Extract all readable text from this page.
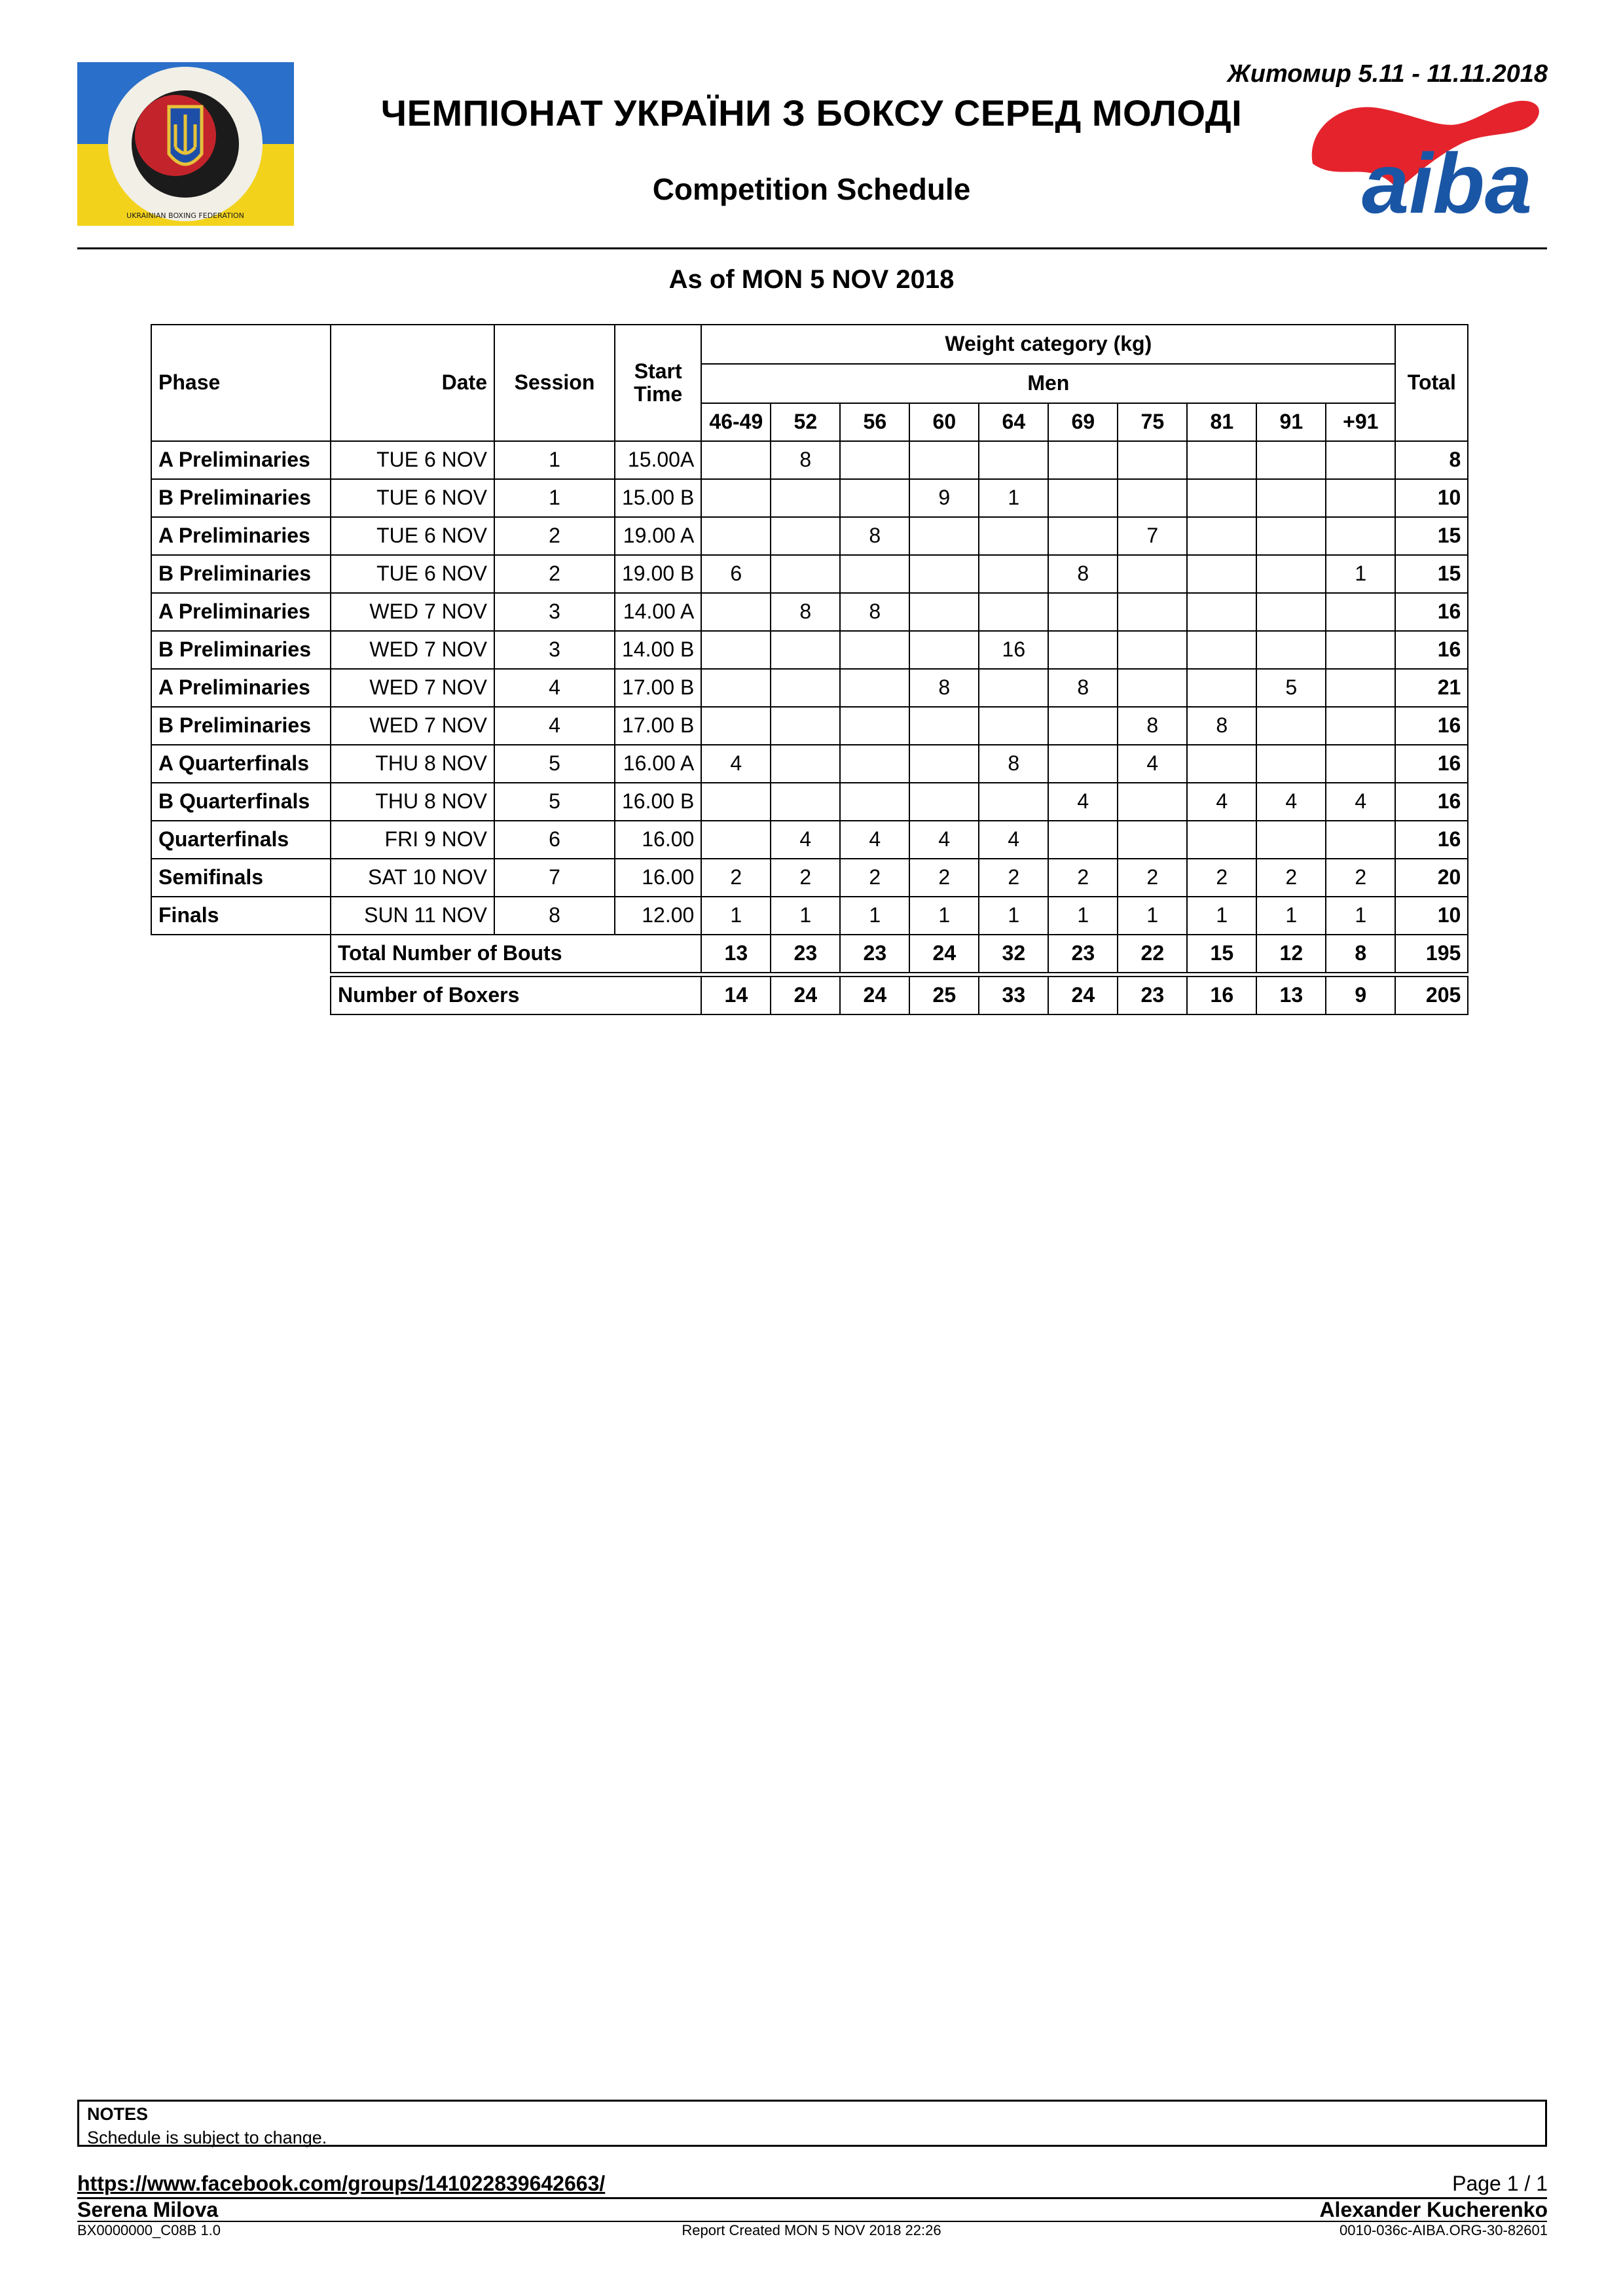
UKRAINIAN BOXING FEDERATION
Житомир 5.11 - 11.11.2018
ЧЕМПІОНАТ УКРАЇНИ З БОКСУ СЕРЕД МОЛОДІ
aiba
Competition Schedule
As of MON 5 NOV 2018
Phase	Date	Session	Start Time	Weight category (kg)										Total
				Men										
				46-49	52	56	60	64	69	75	81	91	+91	
A Preliminaries	TUE 6 NOV	1	15.00A		8									8
B Preliminaries	TUE 6 NOV	1	15.00 B				9	1						10
A Preliminaries	TUE 6 NOV	2	19.00 A			8				7				15
B Preliminaries	TUE 6 NOV	2	19.00 B	6					8				1	15
A Preliminaries	WED 7 NOV	3	14.00 A		8	8								16
B Preliminaries	WED 7 NOV	3	14.00 B					16						16
A Preliminaries	WED 7 NOV	4	17.00 B				8		8			5		21
B Preliminaries	WED 7 NOV	4	17.00 B							8	8			16
A Quarterfinals	THU 8 NOV	5	16.00 A	4				8		4				16
B Quarterfinals	THU 8 NOV	5	16.00 B						4		4	4	4	16
Quarterfinals	FRI 9 NOV	6	16.00		4	4	4	4						16
Semifinals	SAT 10 NOV	7	16.00	2	2	2	2	2	2	2	2	2	2	20
Finals	SUN 11 NOV	8	12.00	1	1	1	1	1	1	1	1	1	1	10
	Total Number of Bouts			13	23	23	24	32	23	22	15	12	8	195

	Number of Boxers			14	24	24	25	33	24	23	16	13	9	205
NOTES
Schedule is subject to change.
https://www.facebook.com/groups/141022839642663/	Page 1 / 1
Serena Milova	Alexander Kucherenko
BX0000000_C08B 1.0	Report Created MON 5 NOV 2018 22:26	0010-036c-AIBA.ORG-30-82601
